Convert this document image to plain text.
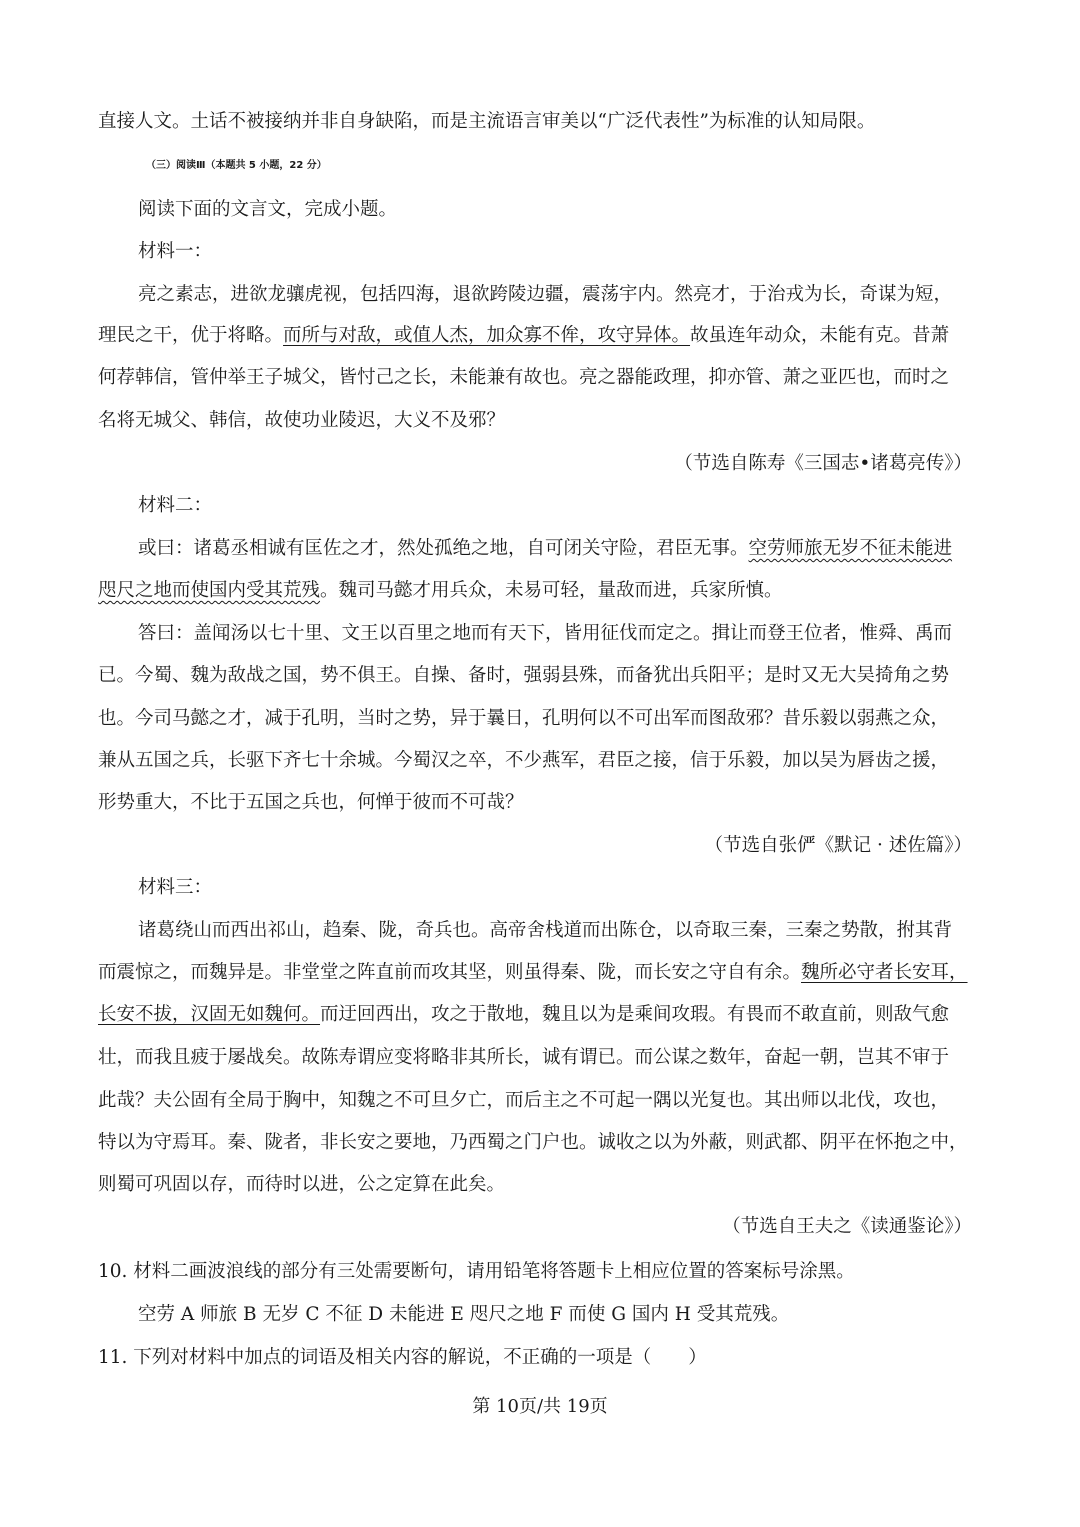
直接人文。土话不被接纳并非自身缺陷，而是主流语言审美以“广泛代表性”为标准的认知局限。
（三）阅读Ⅲ（本题共 5 小题，22 分）
阅读下面的文言文，完成小题。
材料一：
亮之素志，进欲龙骧虎视，包括四海，退欲跨陵边疆，震荡宇内。然亮才，于治戎为长，奇谋为短，
理民之干，优于将略。而所与对敌，或值人杰，加众寡不侔，攻守异体。故虽连年动众，未能有克。昔萧
何荐韩信，管仲举王子城父，皆忖己之长，未能兼有故也。亮之器能政理，抑亦管、萧之亚匹也，而时之
名将无城父、韩信，故使功业陵迟，大义不及邪？
（节选自陈寿《三国志•诸葛亮传》）
材料二：
或曰：诸葛丞相诚有匡佐之才，然处孤绝之地，自可闭关守险，君臣无事。空劳师旅无岁不征未能进
咫尺之地而使国内受其荒残。魏司马懿才用兵众，未易可轻，量敌而进，兵家所慎。
答曰：盖闻汤以七十里、文王以百里之地而有天下，皆用征伐而定之。揖让而登王位者，惟舜、禹而
已。今蜀、魏为敌战之国，势不俱王。自操、备时，强弱县殊，而备犹出兵阳平；是时又无大吴掎角之势
也。今司马懿之才，减于孔明，当时之势，异于曩日，孔明何以不可出军而图敌邪？昔乐毅以弱燕之众，
兼从五国之兵，长驱下齐七十余城。今蜀汉之卒，不少燕军，君臣之接，信于乐毅，加以吴为唇齿之援，
形势重大，不比于五国之兵也，何惮于彼而不可哉？
（节选自张俨《默记 · 述佐篇》）
材料三：
诸葛绕山而西出祁山，趋秦、陇，奇兵也。高帝舍栈道而出陈仓，以奇取三秦，三秦之势散，拊其背
而震惊之，而魏异是。非堂堂之阵直前而攻其坚，则虽得秦、陇，而长安之守自有余。魏所必守者长安耳，
长安不拔，汉固无如魏何。而迂回西出，攻之于散地，魏且以为是乘间攻瑕。有畏而不敢直前，则敌气愈
壮，而我且疲于屡战矣。故陈寿谓应变将略非其所长，诚有谓已。而公谋之数年，奋起一朝，岂其不审于
此哉？夫公固有全局于胸中，知魏之不可旦夕亡，而后主之不可起一隅以光复也。其出师以北伐，攻也，
特以为守焉耳。秦、陇者，非长安之要地，乃西蜀之门户也。诚收之以为外蔽，则武都、阴平在怀抱之中，
则蜀可巩固以存，而待时以进，公之定算在此矣。
（节选自王夫之《读通鉴论》）
10. 材料二画波浪线的部分有三处需要断句，请用铅笔将答题卡上相应位置的答案标号涂黑。
空劳 A 师旅 B 无岁 C 不征 D 未能进 E 咫尺之地 F 而使 G 国内 H 受其荒残。
11. 下列对材料中加点的词语及相关内容的解说，不正确的一项是（　　）
第 10页/共 19页
